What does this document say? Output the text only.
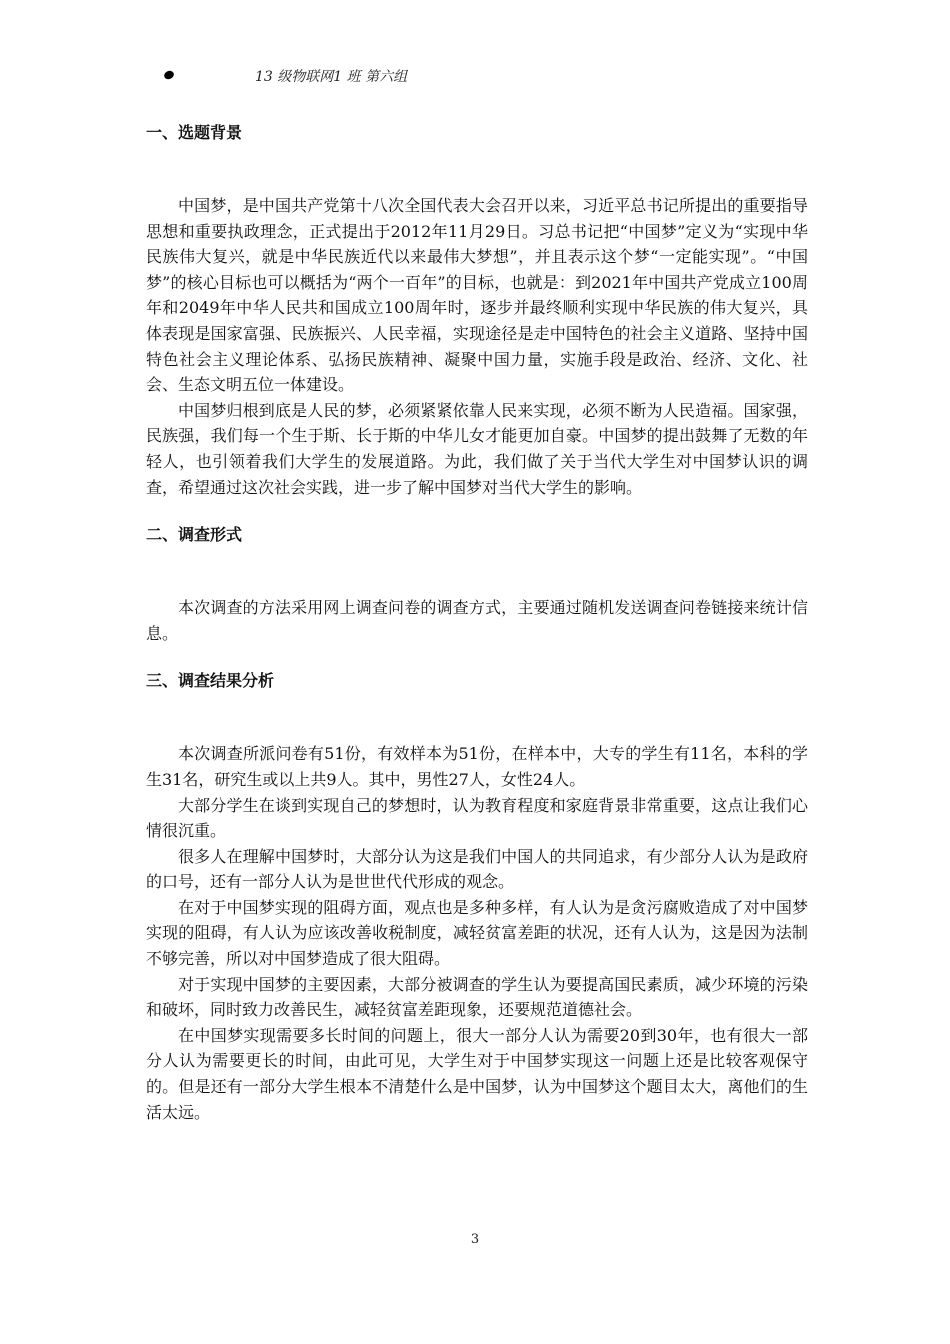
13 级物联网1 班 第六组
一、选题背景

中国梦，是中国共产党第十八次全国代表大会召开以来，习近平总书记所提出的重要指导思想和重要执政理念，正式提出于2012年11月29日。习总书记把“中国梦”定义为“实现中华民族伟大复兴，就是中华民族近代以来最伟大梦想”，并且表示这个梦“一定能实现”。“中国梦”的核心目标也可以概括为“两个一百年”的目标，也就是：到2021年中国共产党成立100周年和2049年中华人民共和国成立100周年时，逐步并最终顺利实现中华民族的伟大复兴，具体表现是国家富强、民族振兴、人民幸福，实现途径是走中国特色的社会主义道路、坚持中国特色社会主义理论体系、弘扬民族精神、凝聚中国力量，实施手段是政治、经济、文化、社会、生态文明五位一体建设。

中国梦归根到底是人民的梦，必须紧紧依靠人民来实现，必须不断为人民造福。国家强，民族强，我们每一个生于斯、长于斯的中华儿女才能更加自豪。中国梦的提出鼓舞了无数的年轻人，也引领着我们大学生的发展道路。为此，我们做了关于当代大学生对中国梦认识的调查，希望通过这次社会实践，进一步了解中国梦对当代大学生的影响。

二、调查形式

本次调查的方法采用网上调查问卷的调查方式，主要通过随机发送调查问卷链接来统计信息。

三、调查结果分析

本次调查所派问卷有51份，有效样本为51份，在样本中，大专的学生有11名，本科的学生31名，研究生或以上共9人。其中，男性27人，女性24人。

大部分学生在谈到实现自己的梦想时，认为教育程度和家庭背景非常重要，这点让我们心情很沉重。

很多人在理解中国梦时，大部分认为这是我们中国人的共同追求，有少部分人认为是政府的口号，还有一部分人认为是世世代代形成的观念。

在对于中国梦实现的阻碍方面，观点也是多种多样，有人认为是贪污腐败造成了对中国梦实现的阻碍，有人认为应该改善收税制度，减轻贫富差距的状况，还有人认为，这是因为法制不够完善，所以对中国梦造成了很大阻碍。

对于实现中国梦的主要因素，大部分被调查的学生认为要提高国民素质，减少环境的污染和破坏，同时致力改善民生，减轻贫富差距现象，还要规范道德社会。

在中国梦实现需要多长时间的问题上，很大一部分人认为需要20到30年，也有很大一部分人认为需要更长的时间，由此可见，大学生对于中国梦实现这一问题上还是比较客观保守的。但是还有一部分大学生根本不清楚什么是中国梦，认为中国梦这个题目太大，离他们的生活太远。

3
